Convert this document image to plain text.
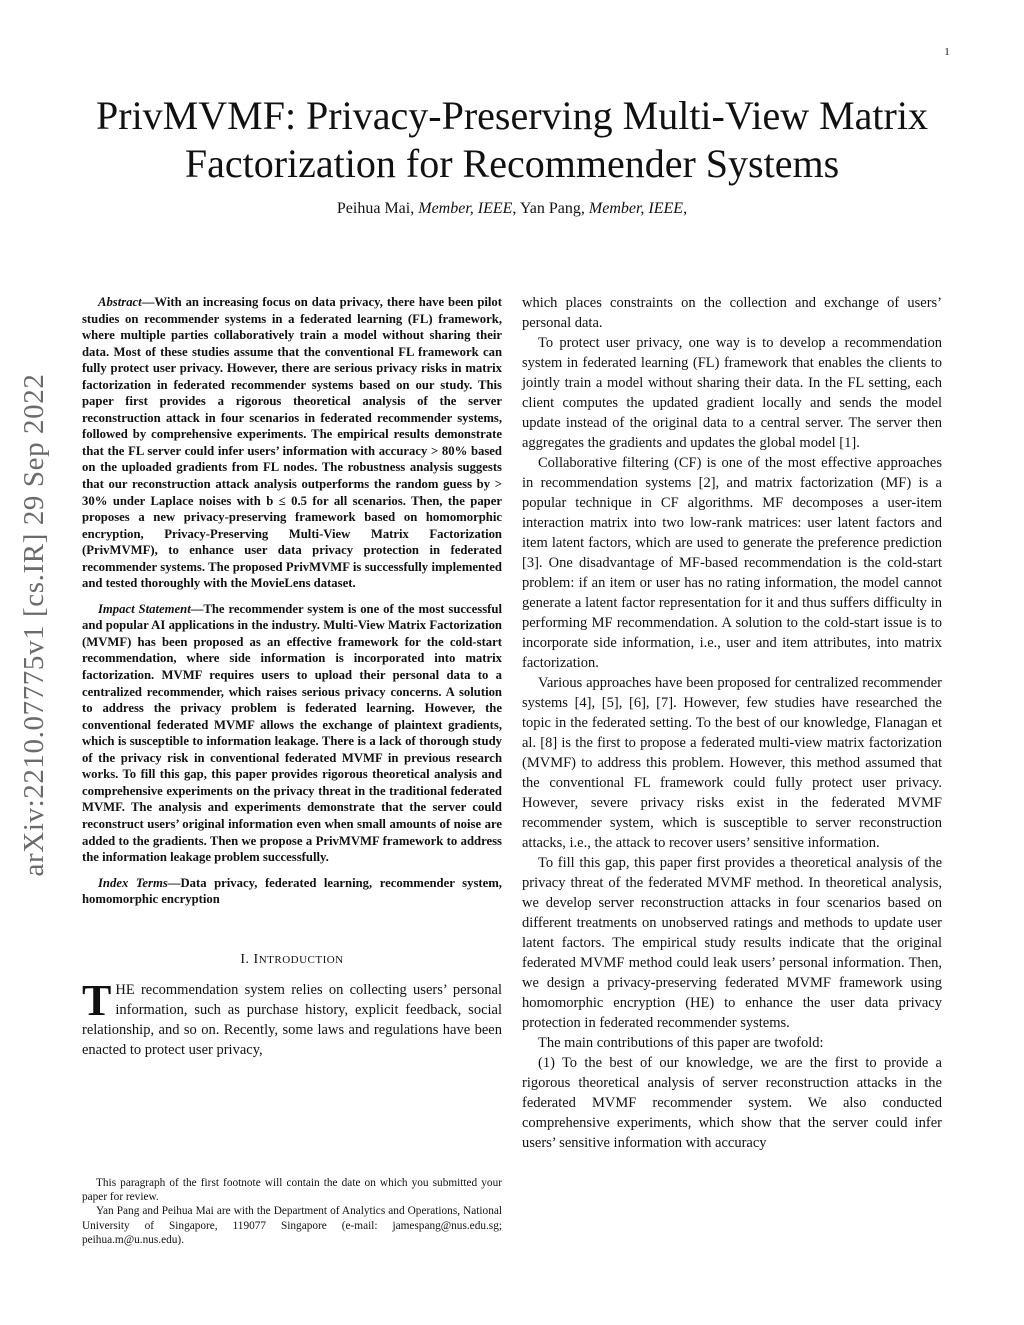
1
PrivMVMF: Privacy-Preserving Multi-View Matrix Factorization for Recommender Systems
Peihua Mai, Member, IEEE, Yan Pang, Member, IEEE,
arXiv:2210.07775v1 [cs.IR] 29 Sep 2022

Abstract—With an increasing focus on data privacy, there have been pilot studies on recommender systems in a federated learning (FL) framework, where multiple parties collaboratively train a model without sharing their data. Most of these studies assume that the conventional FL framework can fully protect user privacy. However, there are serious privacy risks in matrix factorization in federated recommender systems based on our study. This paper first provides a rigorous theoretical analysis of the server reconstruction attack in four scenarios in federated recommender systems, followed by comprehensive experiments. The empirical results demonstrate that the FL server could infer users’ information with accuracy > 80% based on the uploaded gradients from FL nodes. The robustness analysis suggests that our reconstruction attack analysis outperforms the random guess by > 30% under Laplace noises with b ≤ 0.5 for all scenarios. Then, the paper proposes a new privacy-preserving framework based on homomorphic encryption, Privacy-Preserving Multi-View Matrix Factorization (PrivMVMF), to enhance user data privacy protection in federated recommender systems. The proposed PrivMVMF is successfully implemented and tested thoroughly with the MovieLens dataset.

Impact Statement—The recommender system is one of the most successful and popular AI applications in the industry. Multi-View Matrix Factorization (MVMF) has been proposed as an effective framework for the cold-start recommendation, where side information is incorporated into matrix factorization. MVMF requires users to upload their personal data to a centralized recommender, which raises serious privacy concerns. A solution to address the privacy problem is federated learning. However, the conventional federated MVMF allows the exchange of plaintext gradients, which is susceptible to information leakage. There is a lack of thorough study of the privacy risk in conventional federated MVMF in previous research works. To fill this gap, this paper provides rigorous theoretical analysis and comprehensive experiments on the privacy threat in the traditional federated MVMF. The analysis and experiments demonstrate that the server could reconstruct users’ original information even when small amounts of noise are added to the gradients. Then we propose a PrivMVMF framework to address the information leakage problem successfully.

Index Terms—Data privacy, federated learning, recommender system, homomorphic encryption

I. INTRODUCTION

THE recommendation system relies on collecting users’ personal information, such as purchase history, explicit feedback, social relationship, and so on. Recently, some laws and regulations have been enacted to protect user privacy,

This paragraph of the first footnote will contain the date on which you submitted your paper for review.

Yan Pang and Peihua Mai are with the Department of Analytics and Operations, National University of Singapore, 119077 Singapore (e-mail: jamespang@nus.edu.sg; peihua.m@u.nus.edu).

which places constraints on the collection and exchange of users’ personal data.

To protect user privacy, one way is to develop a recommendation system in federated learning (FL) framework that enables the clients to jointly train a model without sharing their data. In the FL setting, each client computes the updated gradient locally and sends the model update instead of the original data to a central server. The server then aggregates the gradients and updates the global model [1].

Collaborative filtering (CF) is one of the most effective approaches in recommendation systems [2], and matrix factorization (MF) is a popular technique in CF algorithms. MF decomposes a user-item interaction matrix into two low-rank matrices: user latent factors and item latent factors, which are used to generate the preference prediction [3]. One disadvantage of MF-based recommendation is the cold-start problem: if an item or user has no rating information, the model cannot generate a latent factor representation for it and thus suffers difficulty in performing MF recommendation. A solution to the cold-start issue is to incorporate side information, i.e., user and item attributes, into matrix factorization.

Various approaches have been proposed for centralized recommender systems [4], [5], [6], [7]. However, few studies have researched the topic in the federated setting. To the best of our knowledge, Flanagan et al. [8] is the first to propose a federated multi-view matrix factorization (MVMF) to address this problem. However, this method assumed that the conventional FL framework could fully protect user privacy. However, severe privacy risks exist in the federated MVMF recommender system, which is susceptible to server reconstruction attacks, i.e., the attack to recover users’ sensitive information.

To fill this gap, this paper first provides a theoretical analysis of the privacy threat of the federated MVMF method. In theoretical analysis, we develop server reconstruction attacks in four scenarios based on different treatments on unobserved ratings and methods to update user latent factors. The empirical study results indicate that the original federated MVMF method could leak users’ personal information. Then, we design a privacy-preserving federated MVMF framework using homomorphic encryption (HE) to enhance the user data privacy protection in federated recommender systems.

The main contributions of this paper are twofold:

(1) To the best of our knowledge, we are the first to provide a rigorous theoretical analysis of server reconstruction attacks in the federated MVMF recommender system. We also conducted comprehensive experiments, which show that the server could infer users’ sensitive information with accuracy
